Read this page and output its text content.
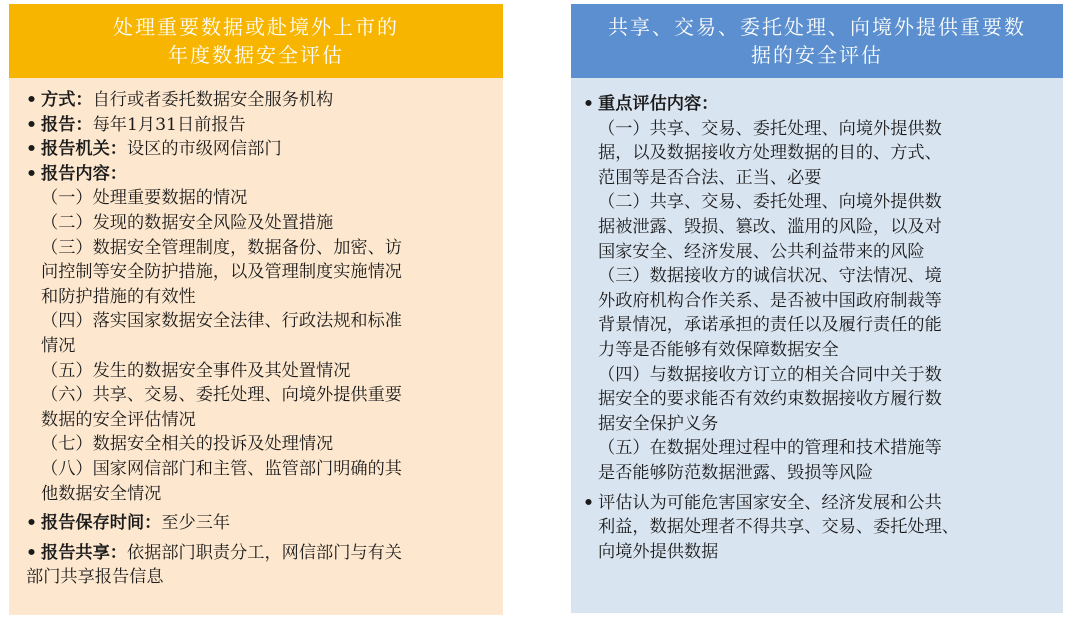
处理重要数据或赴境外上市的
年度数据安全评估
• 方式：自行或者委托数据安全服务机构
• 报告：每年1月31日前报告
• 报告机关：设区的市级网信部门
• 报告内容：
（一）处理重要数据的情况
（二）发现的数据安全风险及处置措施
（三）数据安全管理制度，数据备份、加密、访
问控制等安全防护措施，以及管理制度实施情况
和防护措施的有效性
（四）落实国家数据安全法律、行政法规和标准
情况
（五）发生的数据安全事件及其处置情况
（六）共享、交易、委托处理、向境外提供重要
数据的安全评估情况
（七）数据安全相关的投诉及处理情况
（八）国家网信部门和主管、监管部门明确的其
他数据安全情况
• 报告保存时间：至少三年
• 报告共享：依据部门职责分工，网信部门与有关
部门共享报告信息
共享、交易、委托处理、向境外提供重要数
据的安全评估
• 重点评估内容：
（一）共享、交易、委托处理、向境外提供数
据，以及数据接收方处理数据的目的、方式、
范围等是否合法、正当、必要
（二）共享、交易、委托处理、向境外提供数
据被泄露、毁损、篡改、滥用的风险，以及对
国家安全、经济发展、公共利益带来的风险
（三）数据接收方的诚信状况、守法情况、境
外政府机构合作关系、是否被中国政府制裁等
背景情况，承诺承担的责任以及履行责任的能
力等是否能够有效保障数据安全
（四）与数据接收方订立的相关合同中关于数
据安全的要求能否有效约束数据接收方履行数
据安全保护义务
（五）在数据处理过程中的管理和技术措施等
是否能够防范数据泄露、毁损等风险
• 评估认为可能危害国家安全、经济发展和公共
利益，数据处理者不得共享、交易、委托处理、
向境外提供数据
